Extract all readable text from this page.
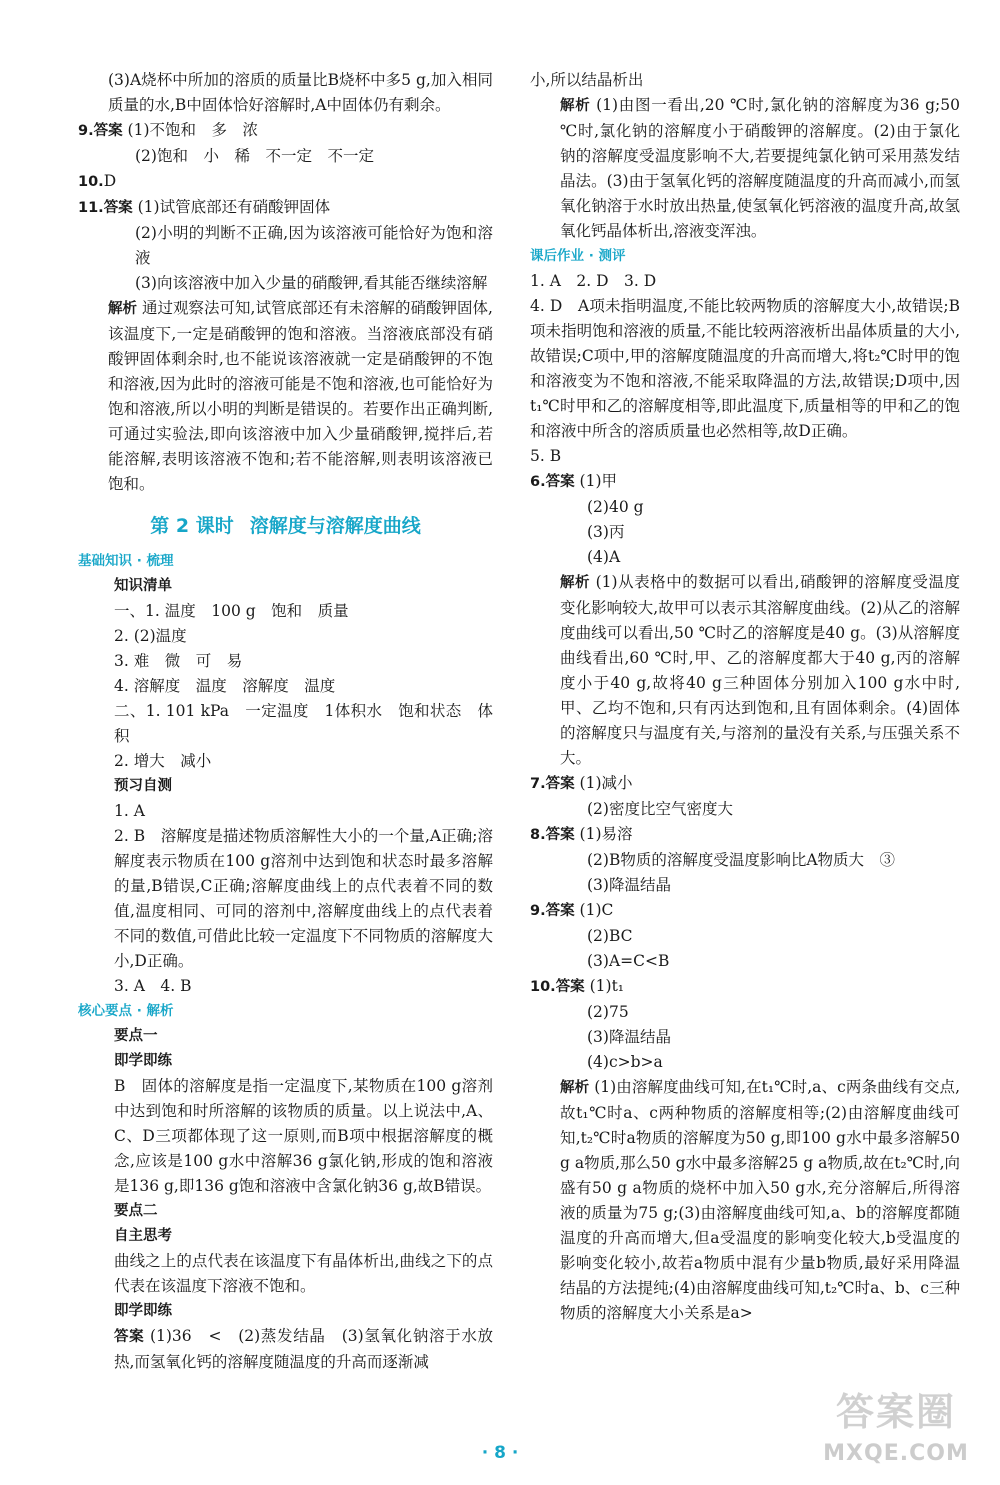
(3)A烧杯中所加的溶质的质量比B烧杯中多5 g,加入相同质量的水,B中固体恰好溶解时,A中固体仍有剩余。

9.答案 (1)不饱和　多　浓

(2)饱和　小　稀　不一定　不一定

10.D

11.答案 (1)试管底部还有硝酸钾固体

(2)小明的判断不正确,因为该溶液可能恰好为饱和溶液

(3)向该溶液中加入少量的硝酸钾,看其能否继续溶解

解析 通过观察法可知,试管底部还有未溶解的硝酸钾固体,该温度下,一定是硝酸钾的饱和溶液。当溶液底部没有硝酸钾固体剩余时,也不能说该溶液就一定是硝酸钾的不饱和溶液,因为此时的溶液可能是不饱和溶液,也可能恰好为饱和溶液,所以小明的判断是错误的。若要作出正确判断,可通过实验法,即向该溶液中加入少量硝酸钾,搅拌后,若能溶解,表明该溶液不饱和;若不能溶解,则表明该溶液已饱和。

第 2 课时 溶解度与溶解度曲线

基础知识 · 梳理

知识清单

一、1. 温度　100 g　饱和　质量

2. (2)温度

3. 难　微　可　易

4. 溶解度　温度　溶解度　温度

二、1. 101 kPa　一定温度　1体积水　饱和状态　体积

2. 增大　减小

预习自测

1. A

2. B　溶解度是描述物质溶解性大小的一个量,A正确;溶解度表示物质在100 g溶剂中达到饱和状态时最多溶解的量,B错误,C正确;溶解度曲线上的点代表着不同的数值,温度相同、可同的溶剂中,溶解度曲线上的点代表着不同的数值,可借此比较一定温度下不同物质的溶解度大小,D正确。

3. A　4. B

核心要点 · 解析

要点一

即学即练

B　固体的溶解度是指一定温度下,某物质在100 g溶剂中达到饱和时所溶解的该物质的质量。以上说法中,A、C、D三项都体现了这一原则,而B项中根据溶解度的概念,应该是100 g水中溶解36 g氯化钠,形成的饱和溶液是136 g,即136 g饱和溶液中含氯化钠36 g,故B错误。

要点二

自主思考

曲线之上的点代表在该温度下有晶体析出,曲线之下的点代表在该温度下溶液不饱和。

即学即练

答案 (1)36　<　(2)蒸发结晶　(3)氢氧化钠溶于水放热,而氢氧化钙的溶解度随温度的升高而逐渐减

小,所以结晶析出

解析 (1)由图一看出,20 ℃时,氯化钠的溶解度为36 g;50 ℃时,氯化钠的溶解度小于硝酸钾的溶解度。(2)由于氯化钠的溶解度受温度影响不大,若要提纯氯化钠可采用蒸发结晶法。(3)由于氢氧化钙的溶解度随温度的升高而减小,而氢氧化钠溶于水时放出热量,使氢氧化钙溶液的温度升高,故氢氧化钙晶体析出,溶液变浑浊。

课后作业 · 测评

1. A　2. D　3. D

4. D　A项未指明温度,不能比较两物质的溶解度大小,故错误;B项未指明饱和溶液的质量,不能比较两溶液析出晶体质量的大小,故错误;C项中,甲的溶解度随温度的升高而增大,将t₂℃时甲的饱和溶液变为不饱和溶液,不能采取降温的方法,故错误;D项中,因t₁℃时甲和乙的溶解度相等,即此温度下,质量相等的甲和乙的饱和溶液中所含的溶质质量也必然相等,故D正确。

5. B

6.答案 (1)甲

(2)40 g

(3)丙

(4)A

解析 (1)从表格中的数据可以看出,硝酸钾的溶解度受温度变化影响较大,故甲可以表示其溶解度曲线。(2)从乙的溶解度曲线可以看出,50 ℃时乙的溶解度是40 g。(3)从溶解度曲线看出,60 ℃时,甲、乙的溶解度都大于40 g,丙的溶解度小于40 g,故将40 g三种固体分别加入100 g水中时,甲、乙均不饱和,只有丙达到饱和,且有固体剩余。(4)固体的溶解度只与温度有关,与溶剂的量没有关系,与压强关系不大。

7.答案 (1)减小

(2)密度比空气密度大

8.答案 (1)易溶

(2)B物质的溶解度受温度影响比A物质大　③

(3)降温结晶

9.答案 (1)C

(2)BC

(3)A=C<B

10.答案 (1)t₁

(2)75

(3)降温结晶

(4)c>b>a

解析 (1)由溶解度曲线可知,在t₁℃时,a、c两条曲线有交点,故t₁℃时a、c两种物质的溶解度相等;(2)由溶解度曲线可知,t₂℃时a物质的溶解度为50 g,即100 g水中最多溶解50 g a物质,那么50 g水中最多溶解25 g a物质,故在t₂℃时,向盛有50 g a物质的烧杯中加入50 g水,充分溶解后,所得溶液的质量为75 g;(3)由溶解度曲线可知,a、b的溶解度都随温度的升高而增大,但a受温度的影响变化较大,b受温度的影响变化较小,故若a物质中混有少量b物质,最好采用降温结晶的方法提纯;(4)由溶解度曲线可知,t₂℃时a、b、c三种物质的溶解度大小关系是a>

· 8 ·
答案圈
MXQE.COM
